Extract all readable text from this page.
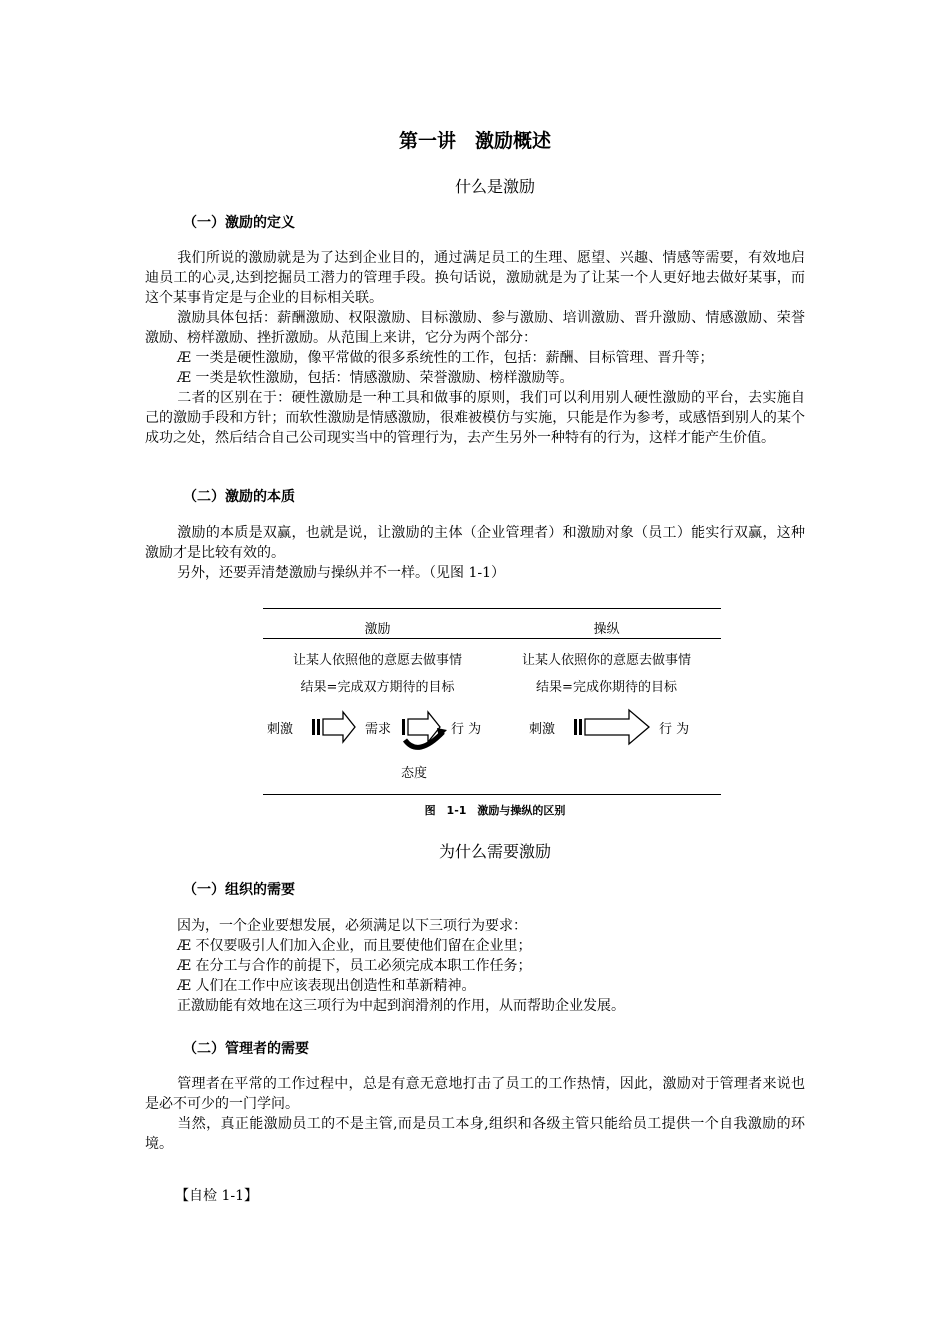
第一讲　激励概述
什么是激励
（一）激励的定义
我们所说的激励就是为了达到企业目的，通过满足员工的生理、愿望、兴趣、情感等需要，有效地启迪员工的心灵,达到挖掘员工潜力的管理手段。换句话说，激励就是为了让某一个人更好地去做好某事，而这个某事肯定是与企业的目标相关联。
激励具体包括：薪酬激励、权限激励、目标激励、参与激励、培训激励、晋升激励、情感激励、荣誉激励、榜样激励、挫折激励。从范围上来讲，它分为两个部分：
Æ 一类是硬性激励，像平常做的很多系统性的工作，包括：薪酬、目标管理、晋升等；
Æ 一类是软性激励，包括：情感激励、荣誉激励、榜样激励等。
二者的区别在于：硬性激励是一种工具和做事的原则，我们可以利用别人硬性激励的平台，去实施自己的激励手段和方针；而软性激励是情感激励，很难被模仿与实施，只能是作为参考，或感悟到别人的某个成功之处，然后结合自己公司现实当中的管理行为，去产生另外一种特有的行为，这样才能产生价值。
（二）激励的本质
激励的本质是双赢，也就是说，让激励的主体（企业管理者）和激励对象（员工）能实行双赢，这种激励才是比较有效的。
另外，还要弄清楚激励与操纵并不一样。（见图 1-1）
激励	操纵
让某人依照他的意愿去做事情	让某人依照你的意愿去做事情
结果=完成双方期待的目标	结果=完成你期待的目标
刺激	需求	行 为
态度
刺激	行 为
图　1-1　激励与操纵的区别
为什么需要激励
（一）组织的需要
因为，一个企业要想发展，必须满足以下三项行为要求：
Æ 不仅要吸引人们加入企业，而且要使他们留在企业里；
Æ 在分工与合作的前提下，员工必须完成本职工作任务；
Æ 人们在工作中应该表现出创造性和革新精神。
正激励能有效地在这三项行为中起到润滑剂的作用，从而帮助企业发展。
（二）管理者的需要
管理者在平常的工作过程中，总是有意无意地打击了员工的工作热情，因此，激励对于管理者来说也是必不可少的一门学问。
当然，真正能激励员工的不是主管,而是员工本身,组织和各级主管只能给员工提供一个自我激励的环境。
【自检 1-1】
